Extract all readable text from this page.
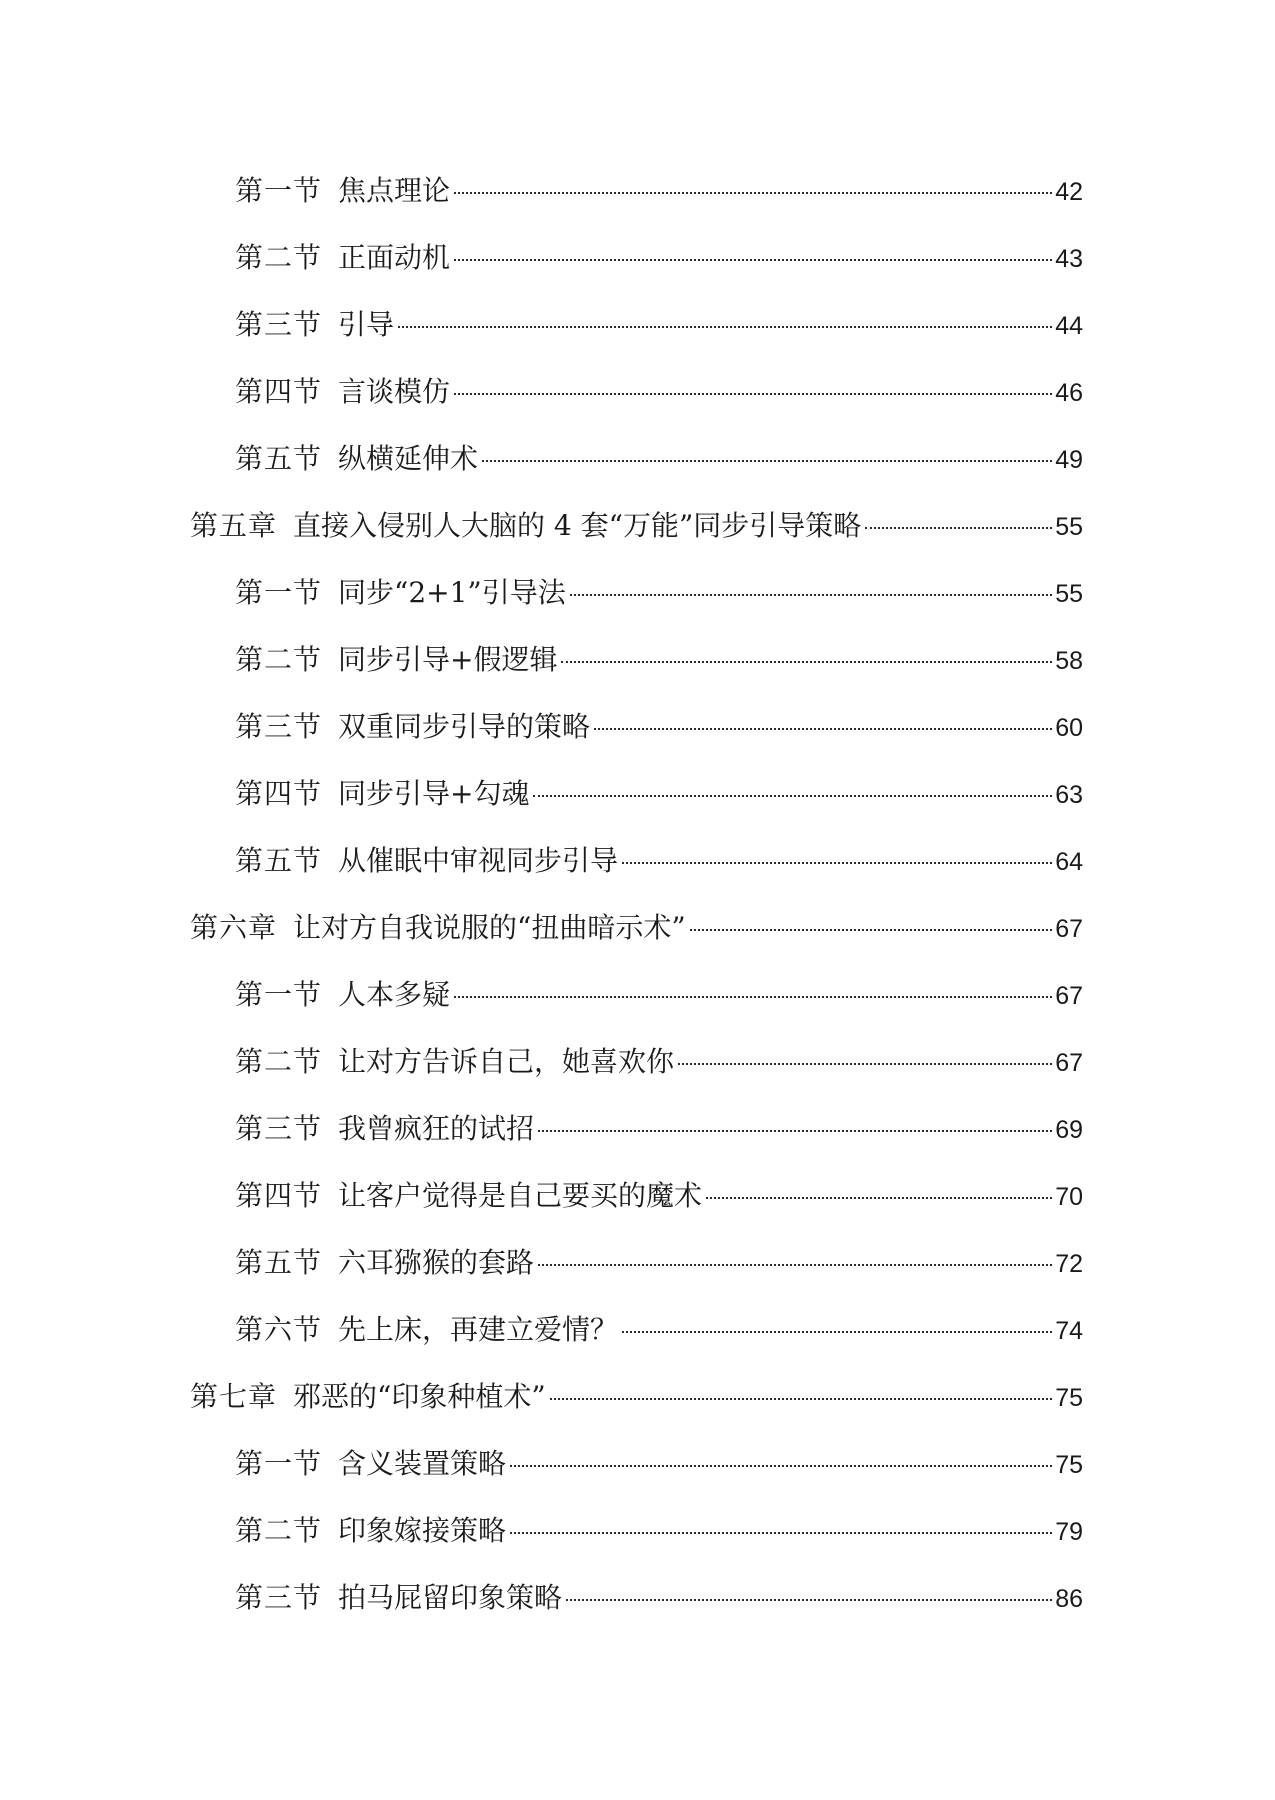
第一节 焦点理论	42
第二节 正面动机	43
第三节 引导	44
第四节 言谈模仿	46
第五节 纵横延伸术	49
第五章 直接入侵别人大脑的 4 套“万能”同步引导策略	55
第一节 同步“2+1”引导法	55
第二节 同步引导+假逻辑	58
第三节 双重同步引导的策略	60
第四节 同步引导+勾魂	63
第五节 从催眠中审视同步引导	64
第六章 让对方自我说服的“扭曲暗示术”	67
第一节 人本多疑	67
第二节 让对方告诉自己，她喜欢你	67
第三节 我曾疯狂的试招	69
第四节 让客户觉得是自己要买的魔术	70
第五节 六耳猕猴的套路	72
第六节 先上床，再建立爱情？	74
第七章 邪恶的“印象种植术”	75
第一节 含义装置策略	75
第二节 印象嫁接策略	79
第三节 拍马屁留印象策略	86
